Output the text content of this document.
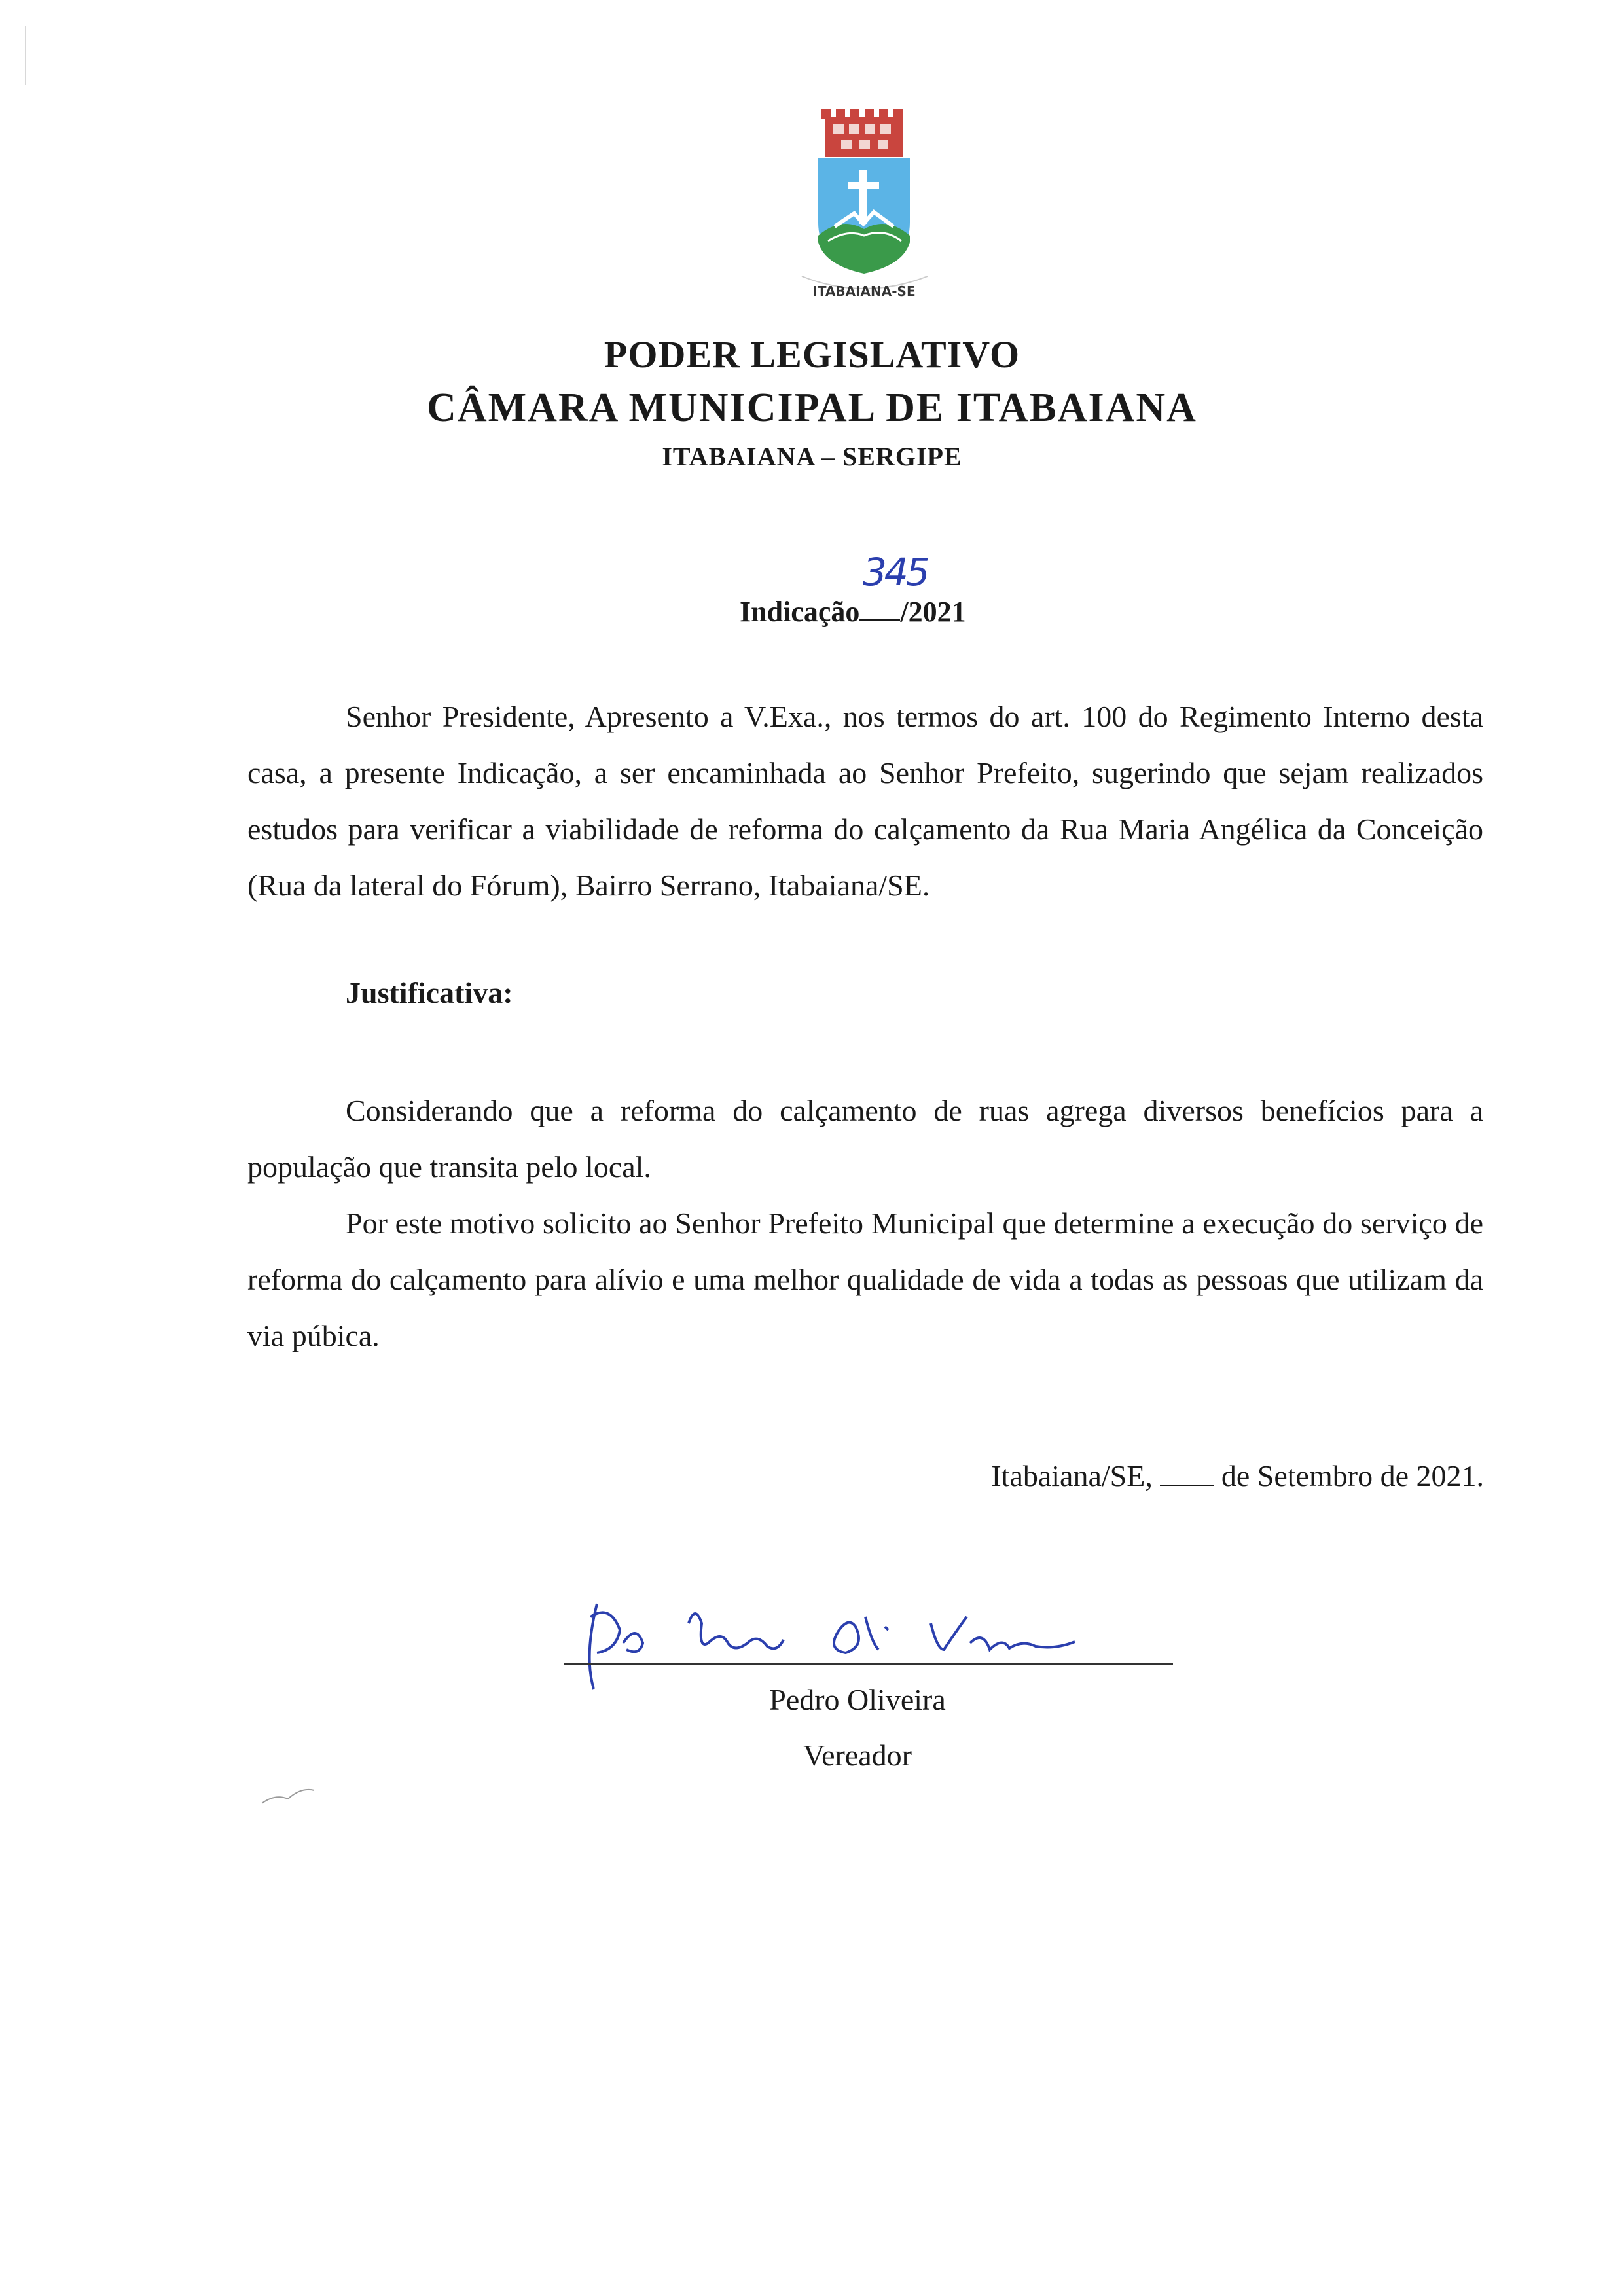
ITABAIANA-SE

PODER LEGISLATIVO

CÂMARA MUNICIPAL DE ITABAIANA

ITABAIANA – SERGIPE

345
Indicação /2021

Senhor Presidente, Apresento a V.Exa., nos termos do art. 100 do Regimento Interno desta casa, a presente Indicação, a ser encaminhada ao Senhor Prefeito, sugerindo que sejam realizados estudos para verificar a viabilidade de reforma do calçamento da Rua Maria Angélica da Conceição (Rua da lateral do Fórum), Bairro Serrano, Itabaiana/SE.

Justificativa:

Considerando que a reforma do calçamento de ruas agrega diversos benefícios para a população que transita pelo local.

Por este motivo solicito ao Senhor Prefeito Municipal que determine a execução do serviço de reforma do calçamento para alívio e uma melhor qualidade de vida a todas as pessoas que utilizam da via púbica.

Itabaiana/SE, de Setembro de 2021.

Pedro Oliveira

Vereador
